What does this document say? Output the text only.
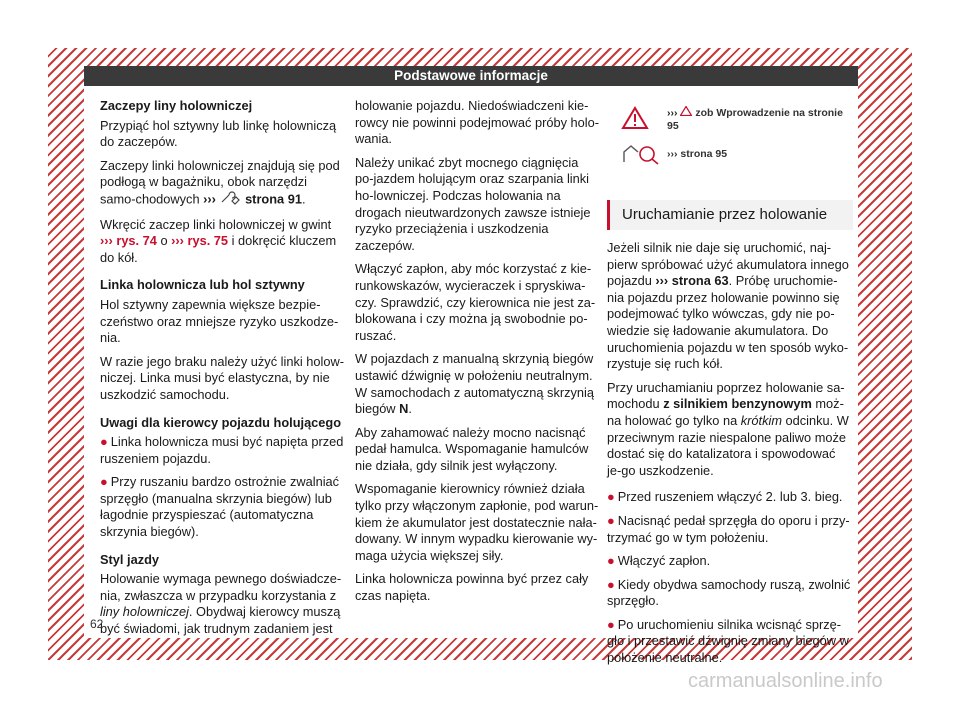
Podstawowe informacje

Zaczepy liny holowniczej

Przypiąć hol sztywny lub linkę holowniczą do zaczepów.

Zaczepy linki holowniczej znajdują się pod podłogą w bagażniku, obok narzędzi samo-chodowych ››› strona 91.

Wkręcić zaczep linki holowniczej w gwint ››› rys. 74 o ››› rys. 75 i dokręcić kluczem do kół.

Linka holownicza lub hol sztywny

Hol sztywny zapewnia większe bezpie-czeństwo oraz mniejsze ryzyko uszkodze-nia.

W razie jego braku należy użyć linki holow-niczej. Linka musi być elastyczna, by nie uszkodzić samochodu.

Uwagi dla kierowcy pojazdu holującego

● Linka holownicza musi być napięta przed ruszeniem pojazdu.

● Przy ruszaniu bardzo ostrożnie zwalniać sprzęgło (manualna skrzynia biegów) lub łagodnie przyspieszać (automatyczna skrzynia biegów).

Styl jazdy

Holowanie wymaga pewnego doświadcze-nia, zwłaszcza w przypadku korzystania z liny holowniczej. Obydwaj kierowcy muszą być świadomi, jak trudnym zadaniem jest

holowanie pojazdu. Niedoświadczeni kie-rowcy nie powinni podejmować próby holo-wania.

Należy unikać zbyt mocnego ciągnięcia po-jazdem holującym oraz szarpania linki ho-lowniczej. Podczas holowania na drogach nieutwardzonych zawsze istnieje ryzyko przeciążenia i uszkodzenia zaczepów.

Włączyć zapłon, aby móc korzystać z kie-runkowskazów, wycieraczek i spryskiwa-czy. Sprawdzić, czy kierownica nie jest za-blokowana i czy można ją swobodnie po-ruszać.

W pojazdach z manualną skrzynią biegów ustawić dźwignię w położeniu neutralnym. W samochodach z automatyczną skrzynią biegów N.

Aby zahamować należy mocno nacisnąć pedał hamulca. Wspomaganie hamulców nie działa, gdy silnik jest wyłączony.

Wspomaganie kierownicy również działa tylko przy włączonym zapłonie, pod warun-kiem że akumulator jest dostatecznie nała-dowany. W innym wypadku kierowanie wy-maga użycia większej siły.

Linka holownicza powinna być przez cały czas napięta.

››› zob Wprowadzenie na stronie 95
››› strona 95
Uruchamianie przez holowanie

Jeżeli silnik nie daje się uruchomić, naj-pierw spróbować użyć akumulatora innego pojazdu ››› strona 63. Próbę uruchomie-nia pojazdu przez holowanie powinno się podejmować tylko wówczas, gdy nie po-wiedzie się ładowanie akumulatora. Do uruchomienia pojazdu w ten sposób wyko-rzystuje się ruch kół.

Przy uruchamianiu poprzez holowanie sa-mochodu z silnikiem benzynowym moż-na holować go tylko na krótkim odcinku. W przeciwnym razie niespalone paliwo może dostać się do katalizatora i spowodować je-go uszkodzenie.

● Przed ruszeniem włączyć 2. lub 3. bieg.

● Nacisnąć pedał sprzęgła do oporu i przy-trzymać go w tym położeniu.

● Włączyć zapłon.

● Kiedy obydwa samochody ruszą, zwolnić sprzęgło.

● Po uruchomieniu silnika wcisnąć sprzę-gło i przestawić dźwignię zmiany biegów w położenie neutralne.

62
carmanualsonline.info
